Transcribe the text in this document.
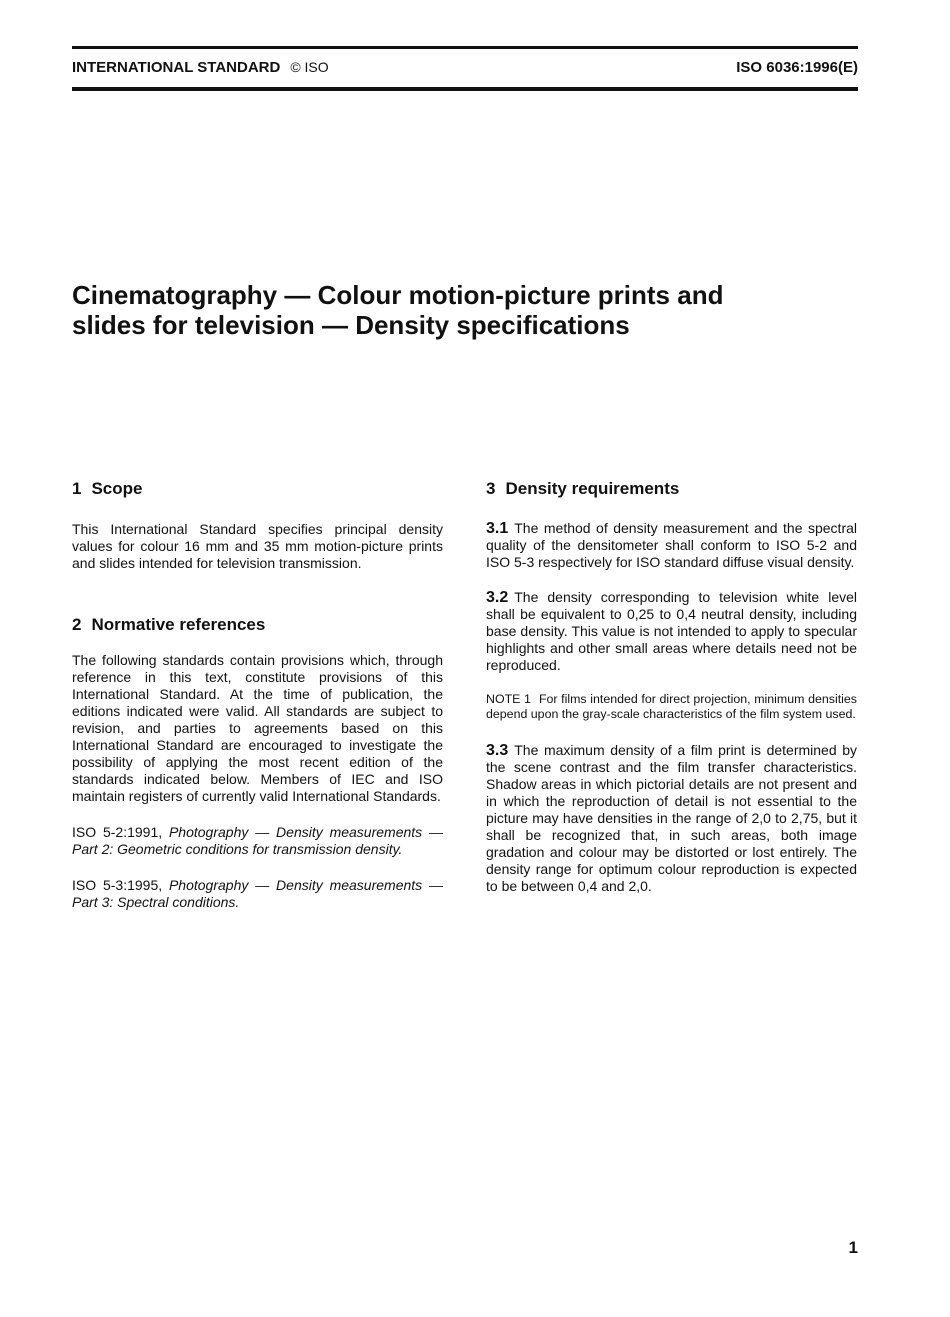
INTERNATIONAL STANDARD © ISO	ISO 6036:1996(E)
Cinematography — Colour motion-picture prints and
slides for television — Density specifications
1 Scope

This International Standard specifies principal density values for colour 16 mm and 35 mm motion-picture prints and slides intended for television transmission.

2 Normative references

The following standards contain provisions which, through reference in this text, constitute provisions of this International Standard. At the time of publication, the editions indicated were valid. All standards are subject to revision, and parties to agreements based on this International Standard are encouraged to investigate the possibility of applying the most recent edition of the standards indicated below. Members of IEC and ISO maintain registers of currently valid International Standards.

ISO 5-2:1991, Photography — Density measurements — Part 2: Geometric conditions for transmission density.

ISO 5-3:1995, Photography — Density measurements — Part 3: Spectral conditions.

3 Density requirements

3.1 The method of density measurement and the spectral quality of the densitometer shall conform to ISO 5-2 and ISO 5-3 respectively for ISO standard diffuse visual density.

3.2 The density corresponding to television white level shall be equivalent to 0,25 to 0,4 neutral density, including base density. This value is not intended to apply to specular highlights and other small areas where details need not be reproduced.

NOTE 1 For films intended for direct projection, minimum densities depend upon the gray-scale characteristics of the film system used.

3.3 The maximum density of a film print is determined by the scene contrast and the film transfer characteristics. Shadow areas in which pictorial details are not present and in which the reproduction of detail is not essential to the picture may have densities in the range of 2,0 to 2,75, but it shall be recognized that, in such areas, both image gradation and colour may be distorted or lost entirely. The density range for optimum colour reproduction is expected to be between 0,4 and 2,0.

1
